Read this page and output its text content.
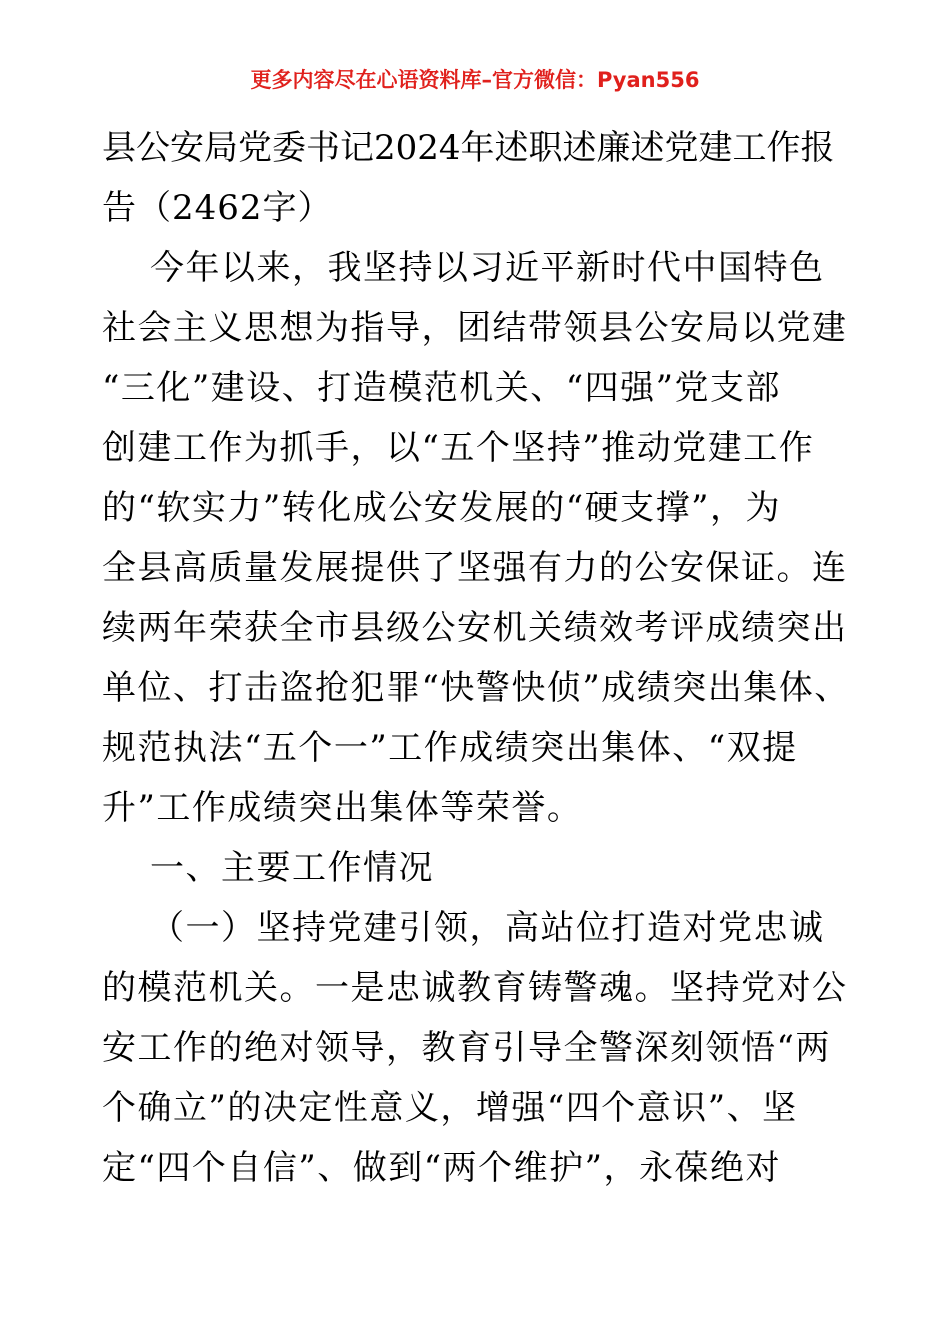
更多内容尽在心语资料库–官方微信：Pyan556
县公安局党委书记2024年述职述廉述党建工作报
告（2462字）
今年以来，我坚持以习近平新时代中国特色
社会主义思想为指导，团结带领县公安局以党建
“三化”建设、打造模范机关、“四强”党支部
创建工作为抓手，以“五个坚持”推动党建工作
的“软实力”转化成公安发展的“硬支撑”，为
全县高质量发展提供了坚强有力的公安保证。连
续两年荣获全市县级公安机关绩效考评成绩突出
单位、打击盗抢犯罪“快警快侦”成绩突出集体、
规范执法“五个一”工作成绩突出集体、“双提
升”工作成绩突出集体等荣誉。
一、主要工作情况
（一）坚持党建引领，高站位打造对党忠诚
的模范机关。一是忠诚教育铸警魂。坚持党对公
安工作的绝对领导，教育引导全警深刻领悟“两
个确立”的决定性意义，增强“四个意识”、坚
定“四个自信”、做到“两个维护”，永葆绝对
